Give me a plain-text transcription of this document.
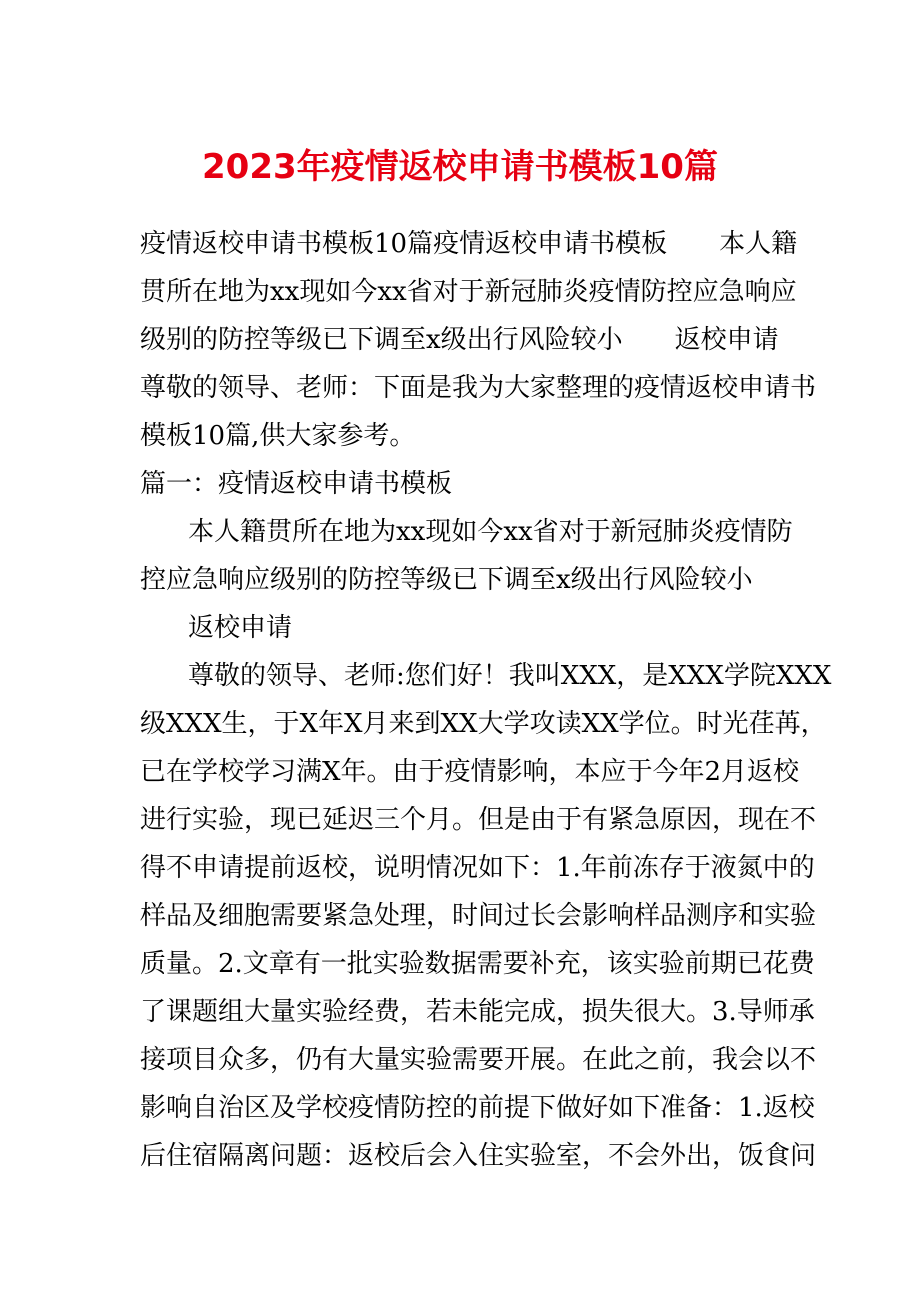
2023年疫情返校申请书模板10篇
疫情返校申请书模板10篇疫情返校申请书模板　　本人籍
贯所在地为xx现如今xx省对于新冠肺炎疫情防控应急响应
级别的防控等级已下调至x级出行风险较小　　返校申请
尊敬的领导、老师：下面是我为大家整理的疫情返校申请书
模板10篇,供大家参考。
篇一：疫情返校申请书模板
本人籍贯所在地为xx现如今xx省对于新冠肺炎疫情防
控应急响应级别的防控等级已下调至x级出行风险较小
返校申请
尊敬的领导、老师:您们好！我叫XXX，是XXX学院XXX
级XXX生，于X年X月来到XX大学攻读XX学位。时光荏苒，
已在学校学习满X年。由于疫情影响，本应于今年2月返校
进行实验，现已延迟三个月。但是由于有紧急原因，现在不
得不申请提前返校，说明情况如下：1.年前冻存于液氮中的
样品及细胞需要紧急处理，时间过长会影响样品测序和实验
质量。2.文章有一批实验数据需要补充，该实验前期已花费
了课题组大量实验经费，若未能完成，损失很大。3.导师承
接项目众多，仍有大量实验需要开展。在此之前，我会以不
影响自治区及学校疫情防控的前提下做好如下准备：1.返校
后住宿隔离问题：返校后会入住实验室，不会外出，饭食问
